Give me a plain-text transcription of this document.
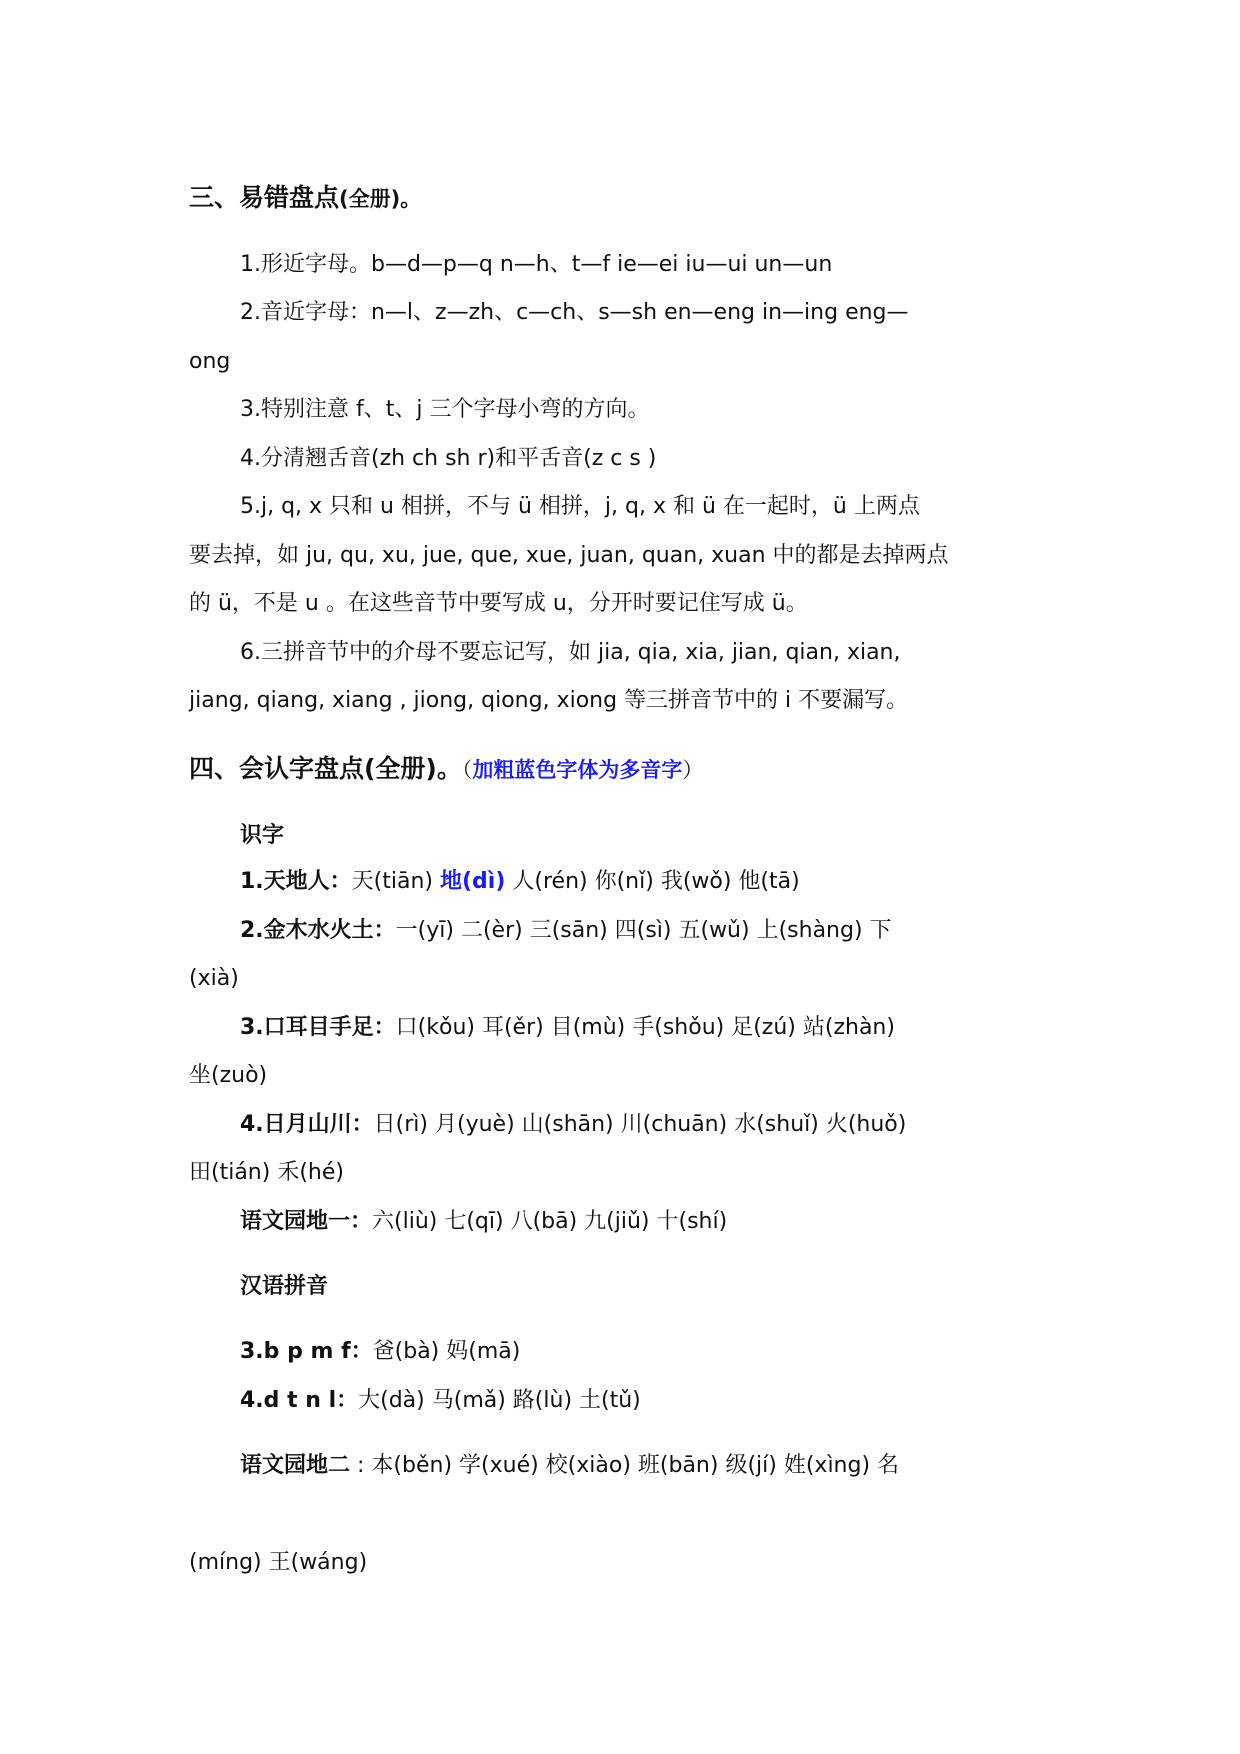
三、易错盘点(全册)。
1.形近字母。b—d—p—q n—h、t—f ie—ei iu—ui un—un
2.音近字母：n—l、z—zh、c—ch、s—sh en—eng in—ing eng—
ong
3.特别注意 f、t、j 三个字母小弯的方向。
4.分清翘舌音(zh ch sh r)和平舌音(z c s )
5.j, q, x 只和 u 相拼，不与 ü 相拼，j, q, x 和 ü 在一起时，ü 上两点
要去掉，如 ju, qu, xu, jue, que, xue, juan, quan, xuan 中的都是去掉两点
的 ü，不是 u 。在这些音节中要写成 u，分开时要记住写成 ü。
6.三拼音节中的介母不要忘记写，如 jia, qia, xia, jian, qian, xian,
jiang, qiang, xiang , jiong, qiong, xiong 等三拼音节中的 i 不要漏写。
四、会认字盘点(全册)。（加粗蓝色字体为多音字）
识字
1.天地人：天(tiān) 地(dì) 人(rén) 你(nǐ) 我(wǒ) 他(tā)
2.金木水火土：一(yī) 二(èr) 三(sān) 四(sì) 五(wǔ) 上(shàng) 下
(xià)
3.口耳目手足：口(kǒu) 耳(ěr) 目(mù) 手(shǒu) 足(zú) 站(zhàn)
坐(zuò)
4.日月山川：日(rì) 月(yuè) 山(shān) 川(chuān) 水(shuǐ) 火(huǒ)
田(tián) 禾(hé)
语文园地一：六(liù) 七(qī) 八(bā) 九(jiǔ) 十(shí)
汉语拼音
3.b p m f：爸(bà) 妈(mā)
4.d t n l：大(dà) 马(mǎ) 路(lù) 土(tǔ)
语文园地二 : 本(běn) 学(xué) 校(xiào) 班(bān) 级(jí) 姓(xìng) 名
(míng) 王(wáng)
